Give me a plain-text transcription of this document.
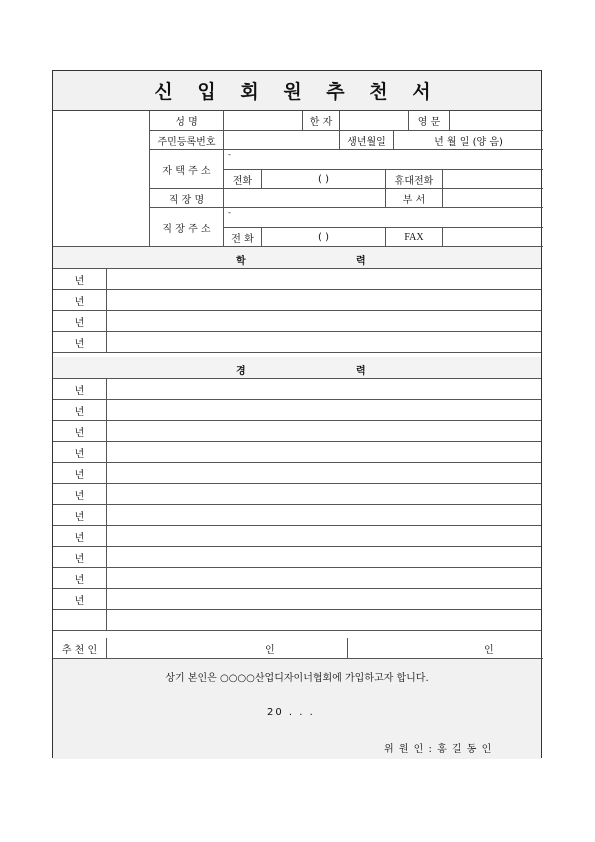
신 입 회 원 추 천 서
성 명	한 자	영 문
주민등록번호	생년월일	년 월 일 (양 음)
자 택 주 소
-
전화	( )	휴대전화
직 장 명	부 서
직 장 주 소
-
전 화	( )	FAX
학	력
년
년
년
년
경	력
년
년
년
년
년
년
년
년
년
년
년
추 천 인	인	인
상기 본인은 ○○○○산업디자이너협회에 가입하고자 합니다.
20 . . .
위 원 인 : 홍 길 동 인
